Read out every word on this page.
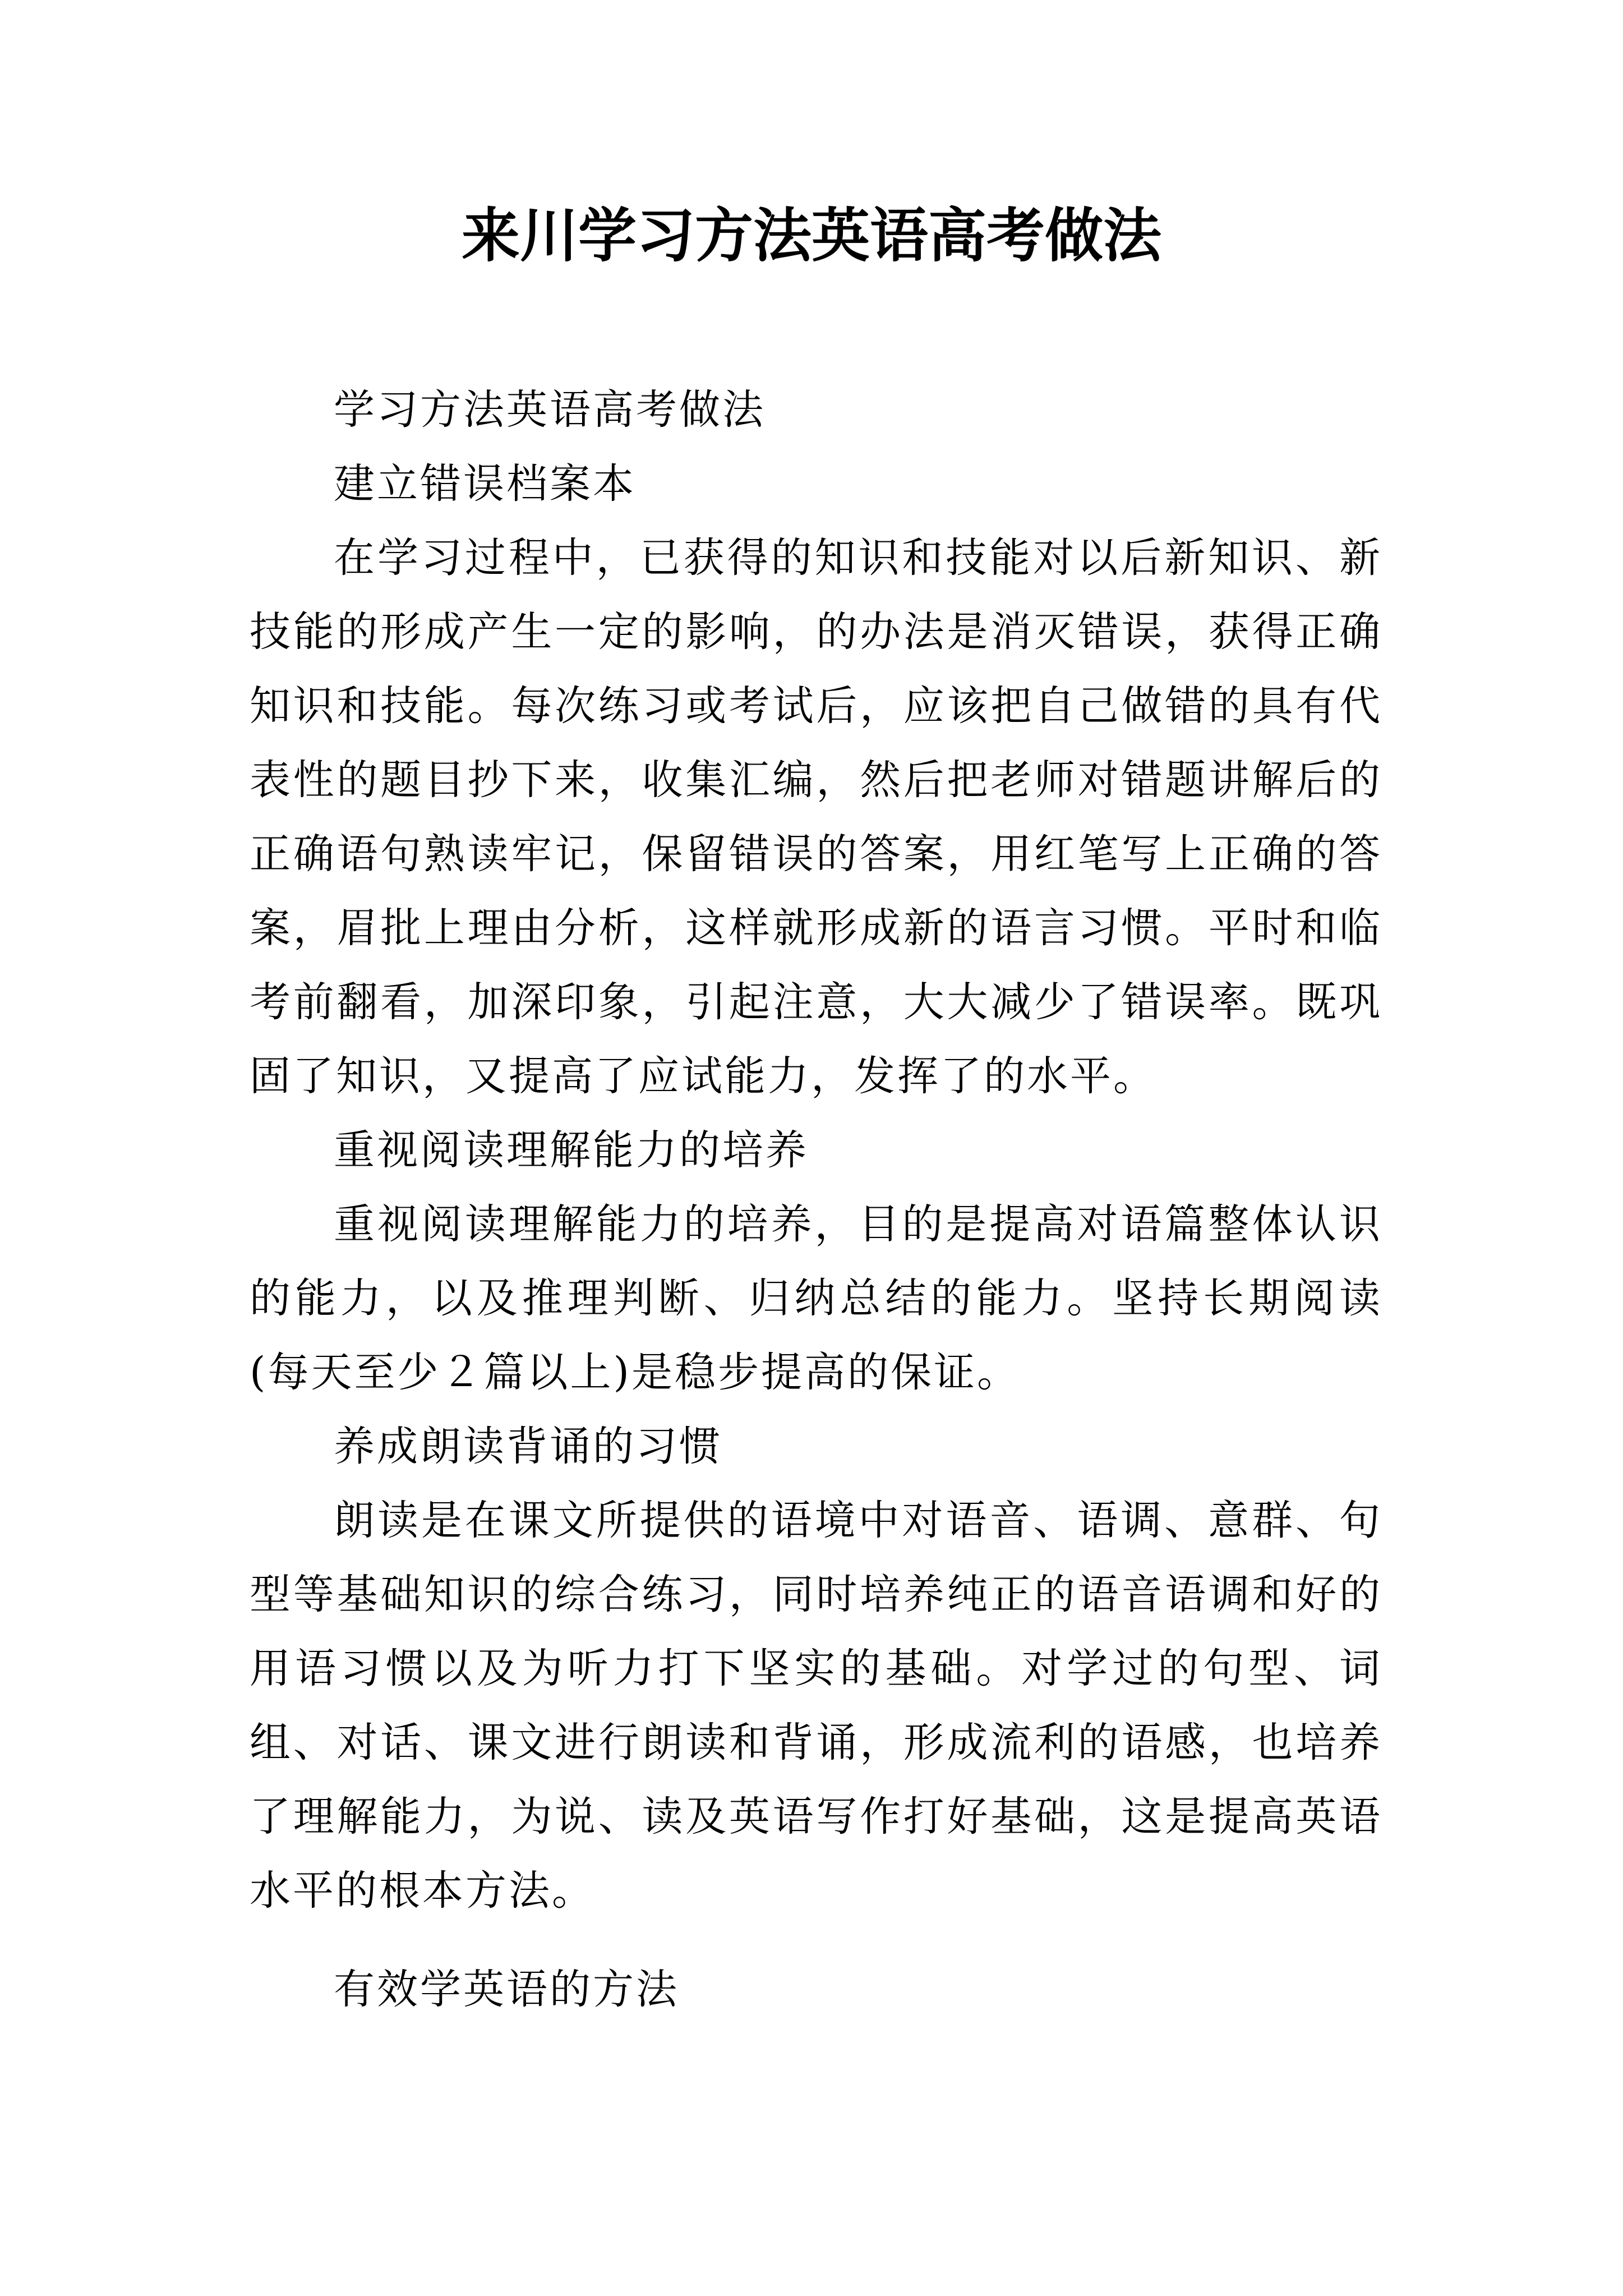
来川学习方法英语高考做法

学习方法英语高考做法

建立错误档案本

在学习过程中，已获得的知识和技能对以后新知识、新技能的形成产生一定的影响，的办法是消灭错误，获得正确知识和技能。每次练习或考试后，应该把自己做错的具有代表性的题目抄下来，收集汇编，然后把老师对错题讲解后的正确语句熟读牢记，保留错误的答案，用红笔写上正确的答案，眉批上理由分析，这样就形成新的语言习惯。平时和临考前翻看，加深印象，引起注意，大大减少了错误率。既巩固了知识，又提高了应试能力，发挥了的水平。

重视阅读理解能力的培养

重视阅读理解能力的培养，目的是提高对语篇整体认识的能力，以及推理判断、归纳总结的能力。坚持长期阅读(每天至少２篇以上)是稳步提高的保证。

养成朗读背诵的习惯

朗读是在课文所提供的语境中对语音、语调、意群、句型等基础知识的综合练习，同时培养纯正的语音语调和好的用语习惯以及为听力打下坚实的基础。对学过的句型、词组、对话、课文进行朗读和背诵，形成流利的语感，也培养了理解能力，为说、读及英语写作打好基础，这是提高英语水平的根本方法。

有效学英语的方法
